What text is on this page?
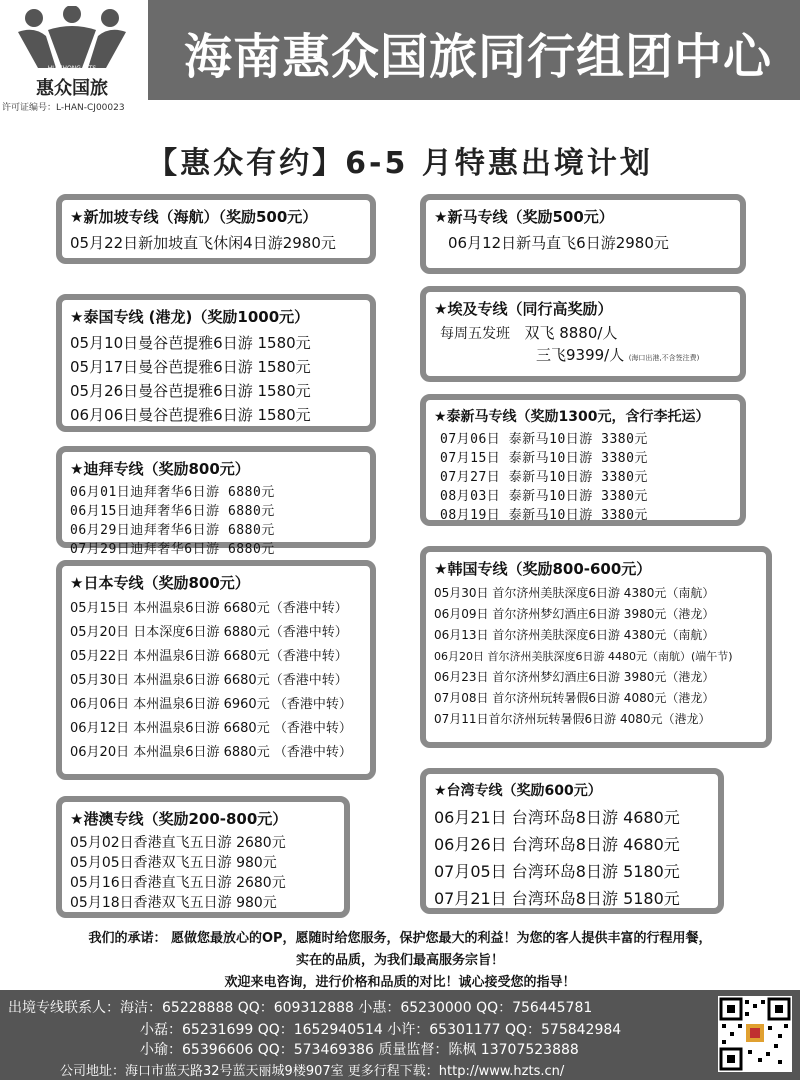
HUIZHONG CITS
惠众国旅
海南惠众国旅同行组团中心
许可证编号：L-HAN-CJ00023
【惠众有约】6-5 月特惠出境计划
★新加坡专线（海航）（奖励500元）
05月22日新加坡直飞休闲4日游2980元
★泰国专线 (港龙)（奖励1000元）
05月10日曼谷芭提雅6日游 1580元
05月17日曼谷芭提雅6日游 1580元
05月26日曼谷芭提雅6日游 1580元
06月06日曼谷芭提雅6日游 1580元
★迪拜专线（奖励800元）
06月01日迪拜奢华6日游 6880元
06月15日迪拜奢华6日游 6880元
06月29日迪拜奢华6日游 6880元
07月29日迪拜奢华6日游 6880元
★日本专线（奖励800元）
05月15日 本州温泉6日游 6680元（香港中转）
05月20日 日本深度6日游 6880元（香港中转）
05月22日 本州温泉6日游 6680元（香港中转）
05月30日 本州温泉6日游 6680元（香港中转）
06月06日 本州温泉6日游 6960元 （香港中转）
06月12日 本州温泉6日游 6680元 （香港中转）
06月20日 本州温泉6日游 6880元 （香港中转）
★港澳专线（奖励200-800元）
05月02日香港直飞五日游 2680元
05月05日香港双飞五日游 980元
05月16日香港直飞五日游 2680元
05月18日香港双飞五日游 980元
★新马专线（奖励500元）
06月12日新马直飞6日游2980元
★埃及专线（同行高奖励）
每周五发班 双飞 8880/人
三飞9399/人 (海口出港,不含签注费)
★泰新马专线（奖励1300元，含行李托运）
07月06日 泰新马10日游 3380元
07月15日 泰新马10日游 3380元
07月27日 泰新马10日游 3380元
08月03日 泰新马10日游 3380元
08月19日 泰新马10日游 3380元
★韩国专线（奖励800-600元）
05月30日 首尔济州美肤深度6日游 4380元（南航）
06月09日 首尔济州梦幻酒庄6日游 3980元（港龙）
06月13日 首尔济州美肤深度6日游 4380元（南航）
06月20日 首尔济州美肤深度6日游 4480元（南航）(端午节)
06月23日 首尔济州梦幻酒庄6日游 3980元（港龙）
07月08日 首尔济州玩转暑假6日游 4080元（港龙）
07月11日首尔济州玩转暑假6日游 4080元（港龙）
★台湾专线（奖励600元）
06月21日 台湾环岛8日游 4680元
06月26日 台湾环岛8日游 4680元
07月05日 台湾环岛8日游 5180元
07月21日 台湾环岛8日游 5180元
我们的承诺： 愿做您最放心的OP，愿随时给您服务，保护您最大的利益！为您的客人提供丰富的行程用餐，
实在的品质，为我们最高服务宗旨！
欢迎来电咨询，进行价格和品质的对比！诚心接受您的指导！
出境专线联系人：海洁：65228888 QQ：609312888 小惠：65230000 QQ：756445781
小磊：65231699 QQ：1652940514 小许：65301177 QQ：575842984
小瑜：65396606 QQ：573469386 质量监督：陈枫 13707523888
公司地址：海口市蓝天路32号蓝天丽城9楼907室 更多行程下载：http://www.hzts.cn/
